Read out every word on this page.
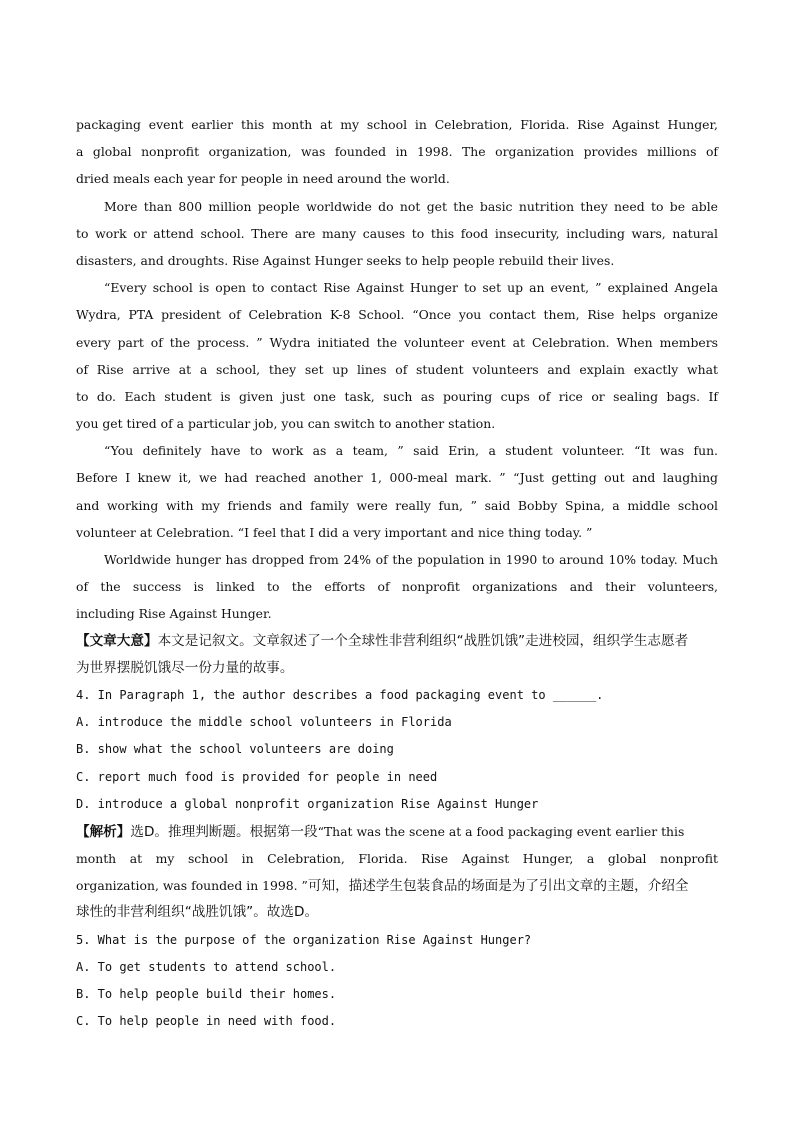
packaging event earlier this month at my school in Celebration, Florida. Rise Against Hunger,
a global nonprofit organization, was founded in 1998. The organization provides millions of
dried meals each year for people in need around the world.
More than 800 million people worldwide do not get the basic nutrition they need to be able
to work or attend school. There are many causes to this food insecurity, including wars, natural
disasters, and droughts. Rise Against Hunger seeks to help people rebuild their lives.
“Every school is open to contact Rise Against Hunger to set up an event, ” explained Angela
Wydra, PTA president of Celebration K-8 School. “Once you contact them, Rise helps organize
every part of the process. ” Wydra initiated the volunteer event at Celebration. When members
of Rise arrive at a school, they set up lines of student volunteers and explain exactly what
to do. Each student is given just one task, such as pouring cups of rice or sealing bags. If
you get tired of a particular job, you can switch to another station.
“You definitely have to work as a team, ” said Erin, a student volunteer. “It was fun.
Before I knew it, we had reached another 1, 000-meal mark. ” “Just getting out and laughing
and working with my friends and family were really fun, ” said Bobby Spina, a middle school
volunteer at Celebration. “I feel that I did a very important and nice thing today. ”
Worldwide hunger has dropped from 24% of the population in 1990 to around 10% today. Much
of the success is linked to the efforts of nonprofit organizations and their volunteers,
including Rise Against Hunger.
【文章大意】本文是记叙文。文章叙述了一个全球性非营利组织“战胜饥饿”走进校园，组织学生志愿者
为世界摆脱饥饿尽一份力量的故事。
4. In Paragraph 1, the author describes a food packaging event to ______.
A. introduce the middle school volunteers in Florida
B. show what the school volunteers are doing
C. report much food is provided for people in need
D. introduce a global nonprofit organization Rise Against Hunger
【解析】选D。推理判断题。根据第一段“That was the scene at a food packaging event earlier this
month at my school in Celebration, Florida. Rise Against Hunger, a global nonprofit
organization, was founded in 1998. ”可知，描述学生包装食品的场面是为了引出文章的主题，介绍全
球性的非营利组织“战胜饥饿”。故选D。
5. What is the purpose of the organization Rise Against Hunger?
A. To get students to attend school.
B. To help people build their homes.
C. To help people in need with food.
